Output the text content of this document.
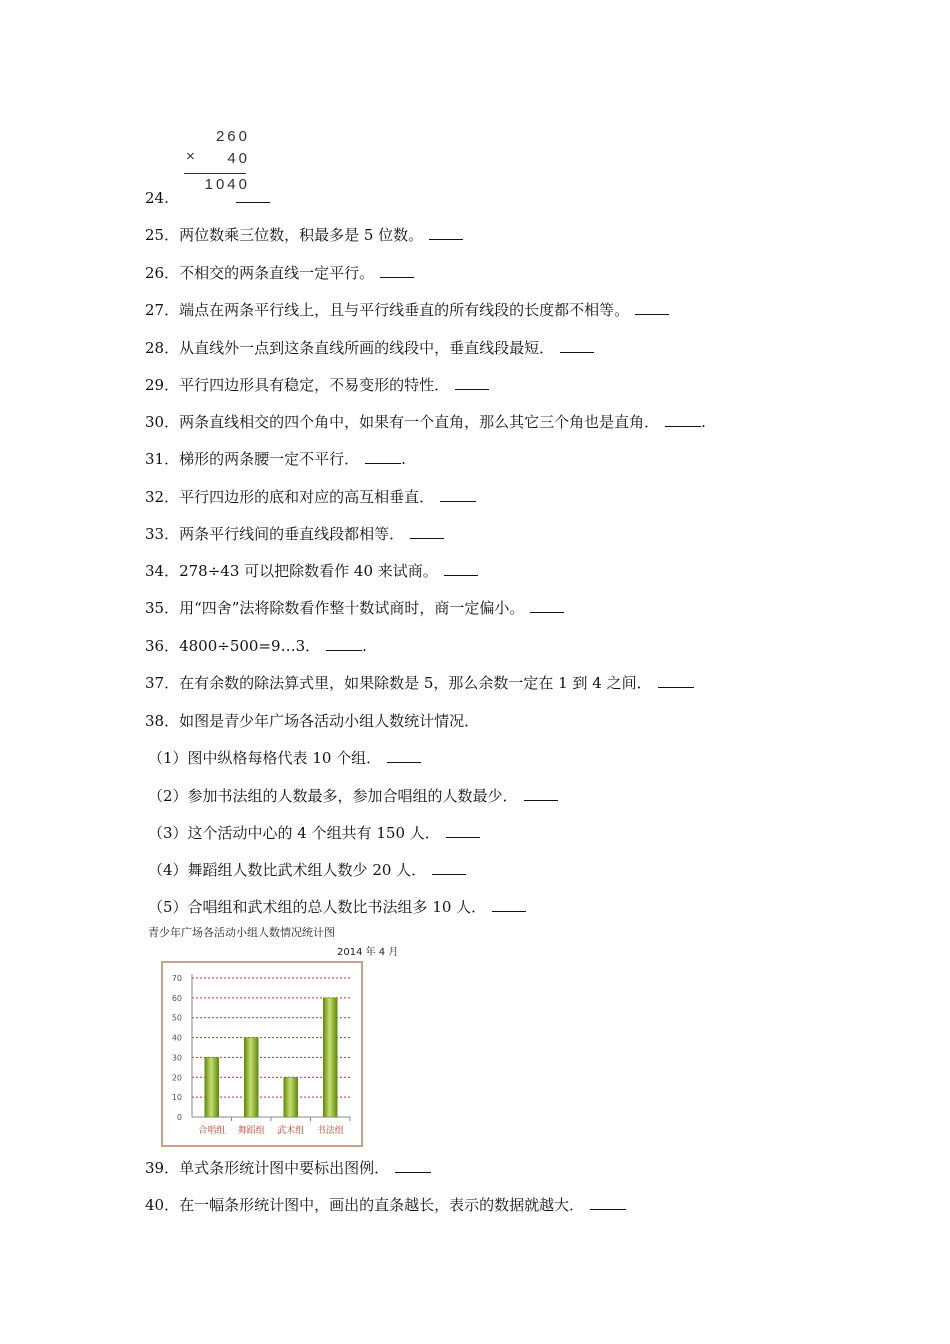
260
×	40
1040
24.
25．两位数乘三位数，积最多是 5 位数。
26．不相交的两条直线一定平行。
27．端点在两条平行线上，且与平行线垂直的所有线段的长度都不相等。
28．从直线外一点到这条直线所画的线段中，垂直线段最短．
29．平行四边形具有稳定，不易变形的特性．
30．两条直线相交的四个角中，如果有一个直角，那么其它三个角也是直角．	.
31．梯形的两条腰一定不平行．	.
32．平行四边形的底和对应的高互相垂直．
33．两条平行线间的垂直线段都相等．
34．278÷43 可以把除数看作 40 来试商。
35．用“四舍”法将除数看作整十数试商时，商一定偏小。
36．4800÷500=9…3．	.
37．在有余数的除法算式里，如果除数是 5，那么余数一定在 1 到 4 之间．
38．如图是青少年广场各活动小组人数统计情况．
（1）图中纵格每格代表 10 个组．
（2）参加书法组的人数最多，参加合唱组的人数最少．
（3）这个活动中心的 4 个组共有 150 人．
（4）舞蹈组人数比武术组人数少 20 人．
（5）合唱组和武术组的总人数比书法组多 10 人．
青少年广场各活动小组人数情况统计图
2014 年 4 月
0
10
20
30
40
50
60
70
合唱组 舞蹈组 武术组 书法组
39．单式条形统计图中要标出图例．
40．在一幅条形统计图中，画出的直条越长，表示的数据就越大．
